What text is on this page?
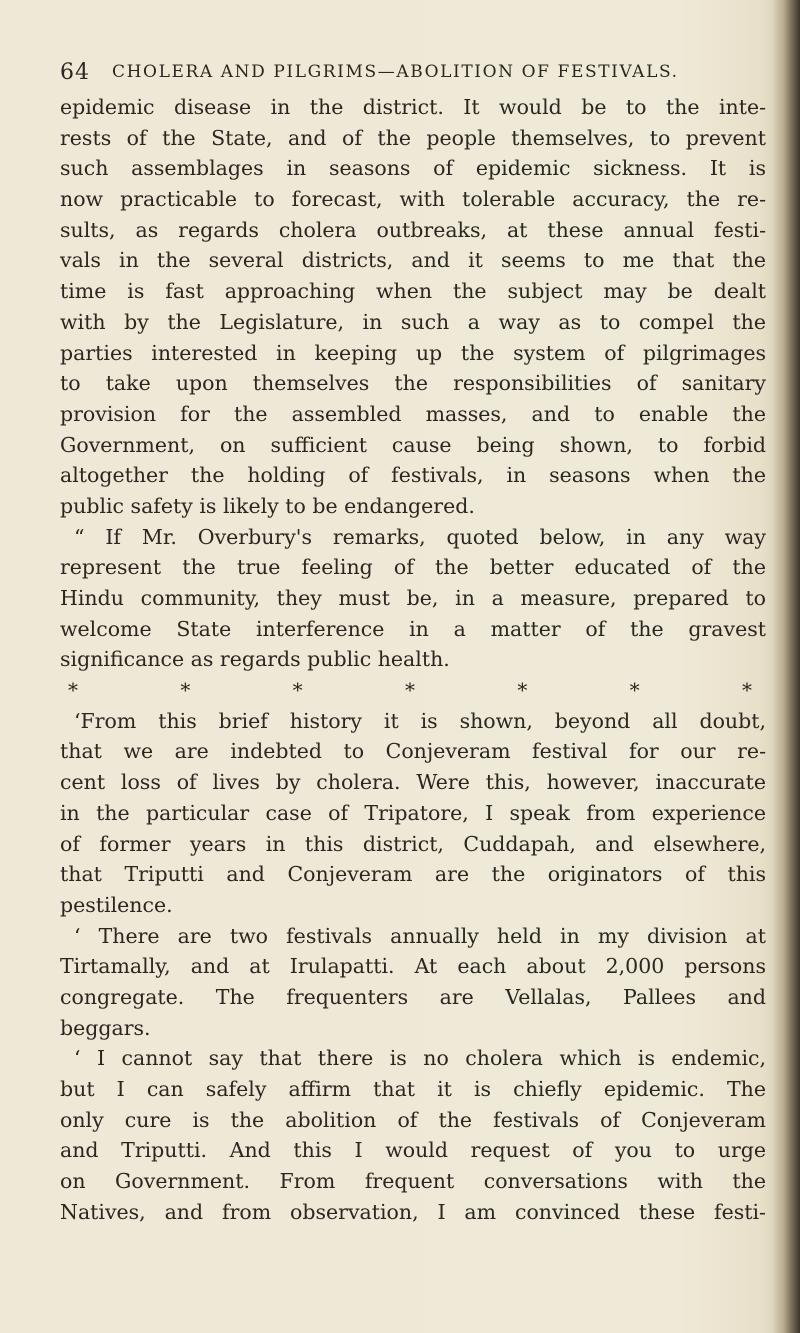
64 CHOLERA AND PILGRIMS—ABOLITION OF FESTIVALS.
epidemic disease in the district. It would be to the inte-
rests of the State, and of the people themselves, to prevent
such assemblages in seasons of epidemic sickness. It is
now practicable to forecast, with tolerable accuracy, the re-
sults, as regards cholera outbreaks, at these annual festi-
vals in the several districts, and it seems to me that the
time is fast approaching when the subject may be dealt
with by the Legislature, in such a way as to compel the
parties interested in keeping up the system of pilgrimages
to take upon themselves the responsibilities of sanitary
provision for the assembled masses, and to enable the
Government, on sufficient cause being shown, to forbid
altogether the holding of festivals, in seasons when the
public safety is likely to be endangered.
“ If Mr. Overbury's remarks, quoted below, in any way
represent the true feeling of the better educated of the
Hindu community, they must be, in a measure, prepared to
welcome State interference in a matter of the gravest
significance as regards public health.
*	*	*	*	*	*	*
‘From this brief history it is shown, beyond all doubt,
that we are indebted to Conjeveram festival for our re-
cent loss of lives by cholera. Were this, however, inaccurate
in the particular case of Tripatore, I speak from experience
of former years in this district, Cuddapah, and elsewhere,
that Triputti and Conjeveram are the originators of this
pestilence.
‘ There are two festivals annually held in my division at
Tirtamally, and at Irulapatti. At each about 2,000 persons
congregate. The frequenters are Vellalas, Pallees and
beggars.
‘ I cannot say that there is no cholera which is endemic,
but I can safely affirm that it is chiefly epidemic. The
only cure is the abolition of the festivals of Conjeveram
and Triputti. And this I would request of you to urge
on Government. From frequent conversations with the
Natives, and from observation, I am convinced these festi-
